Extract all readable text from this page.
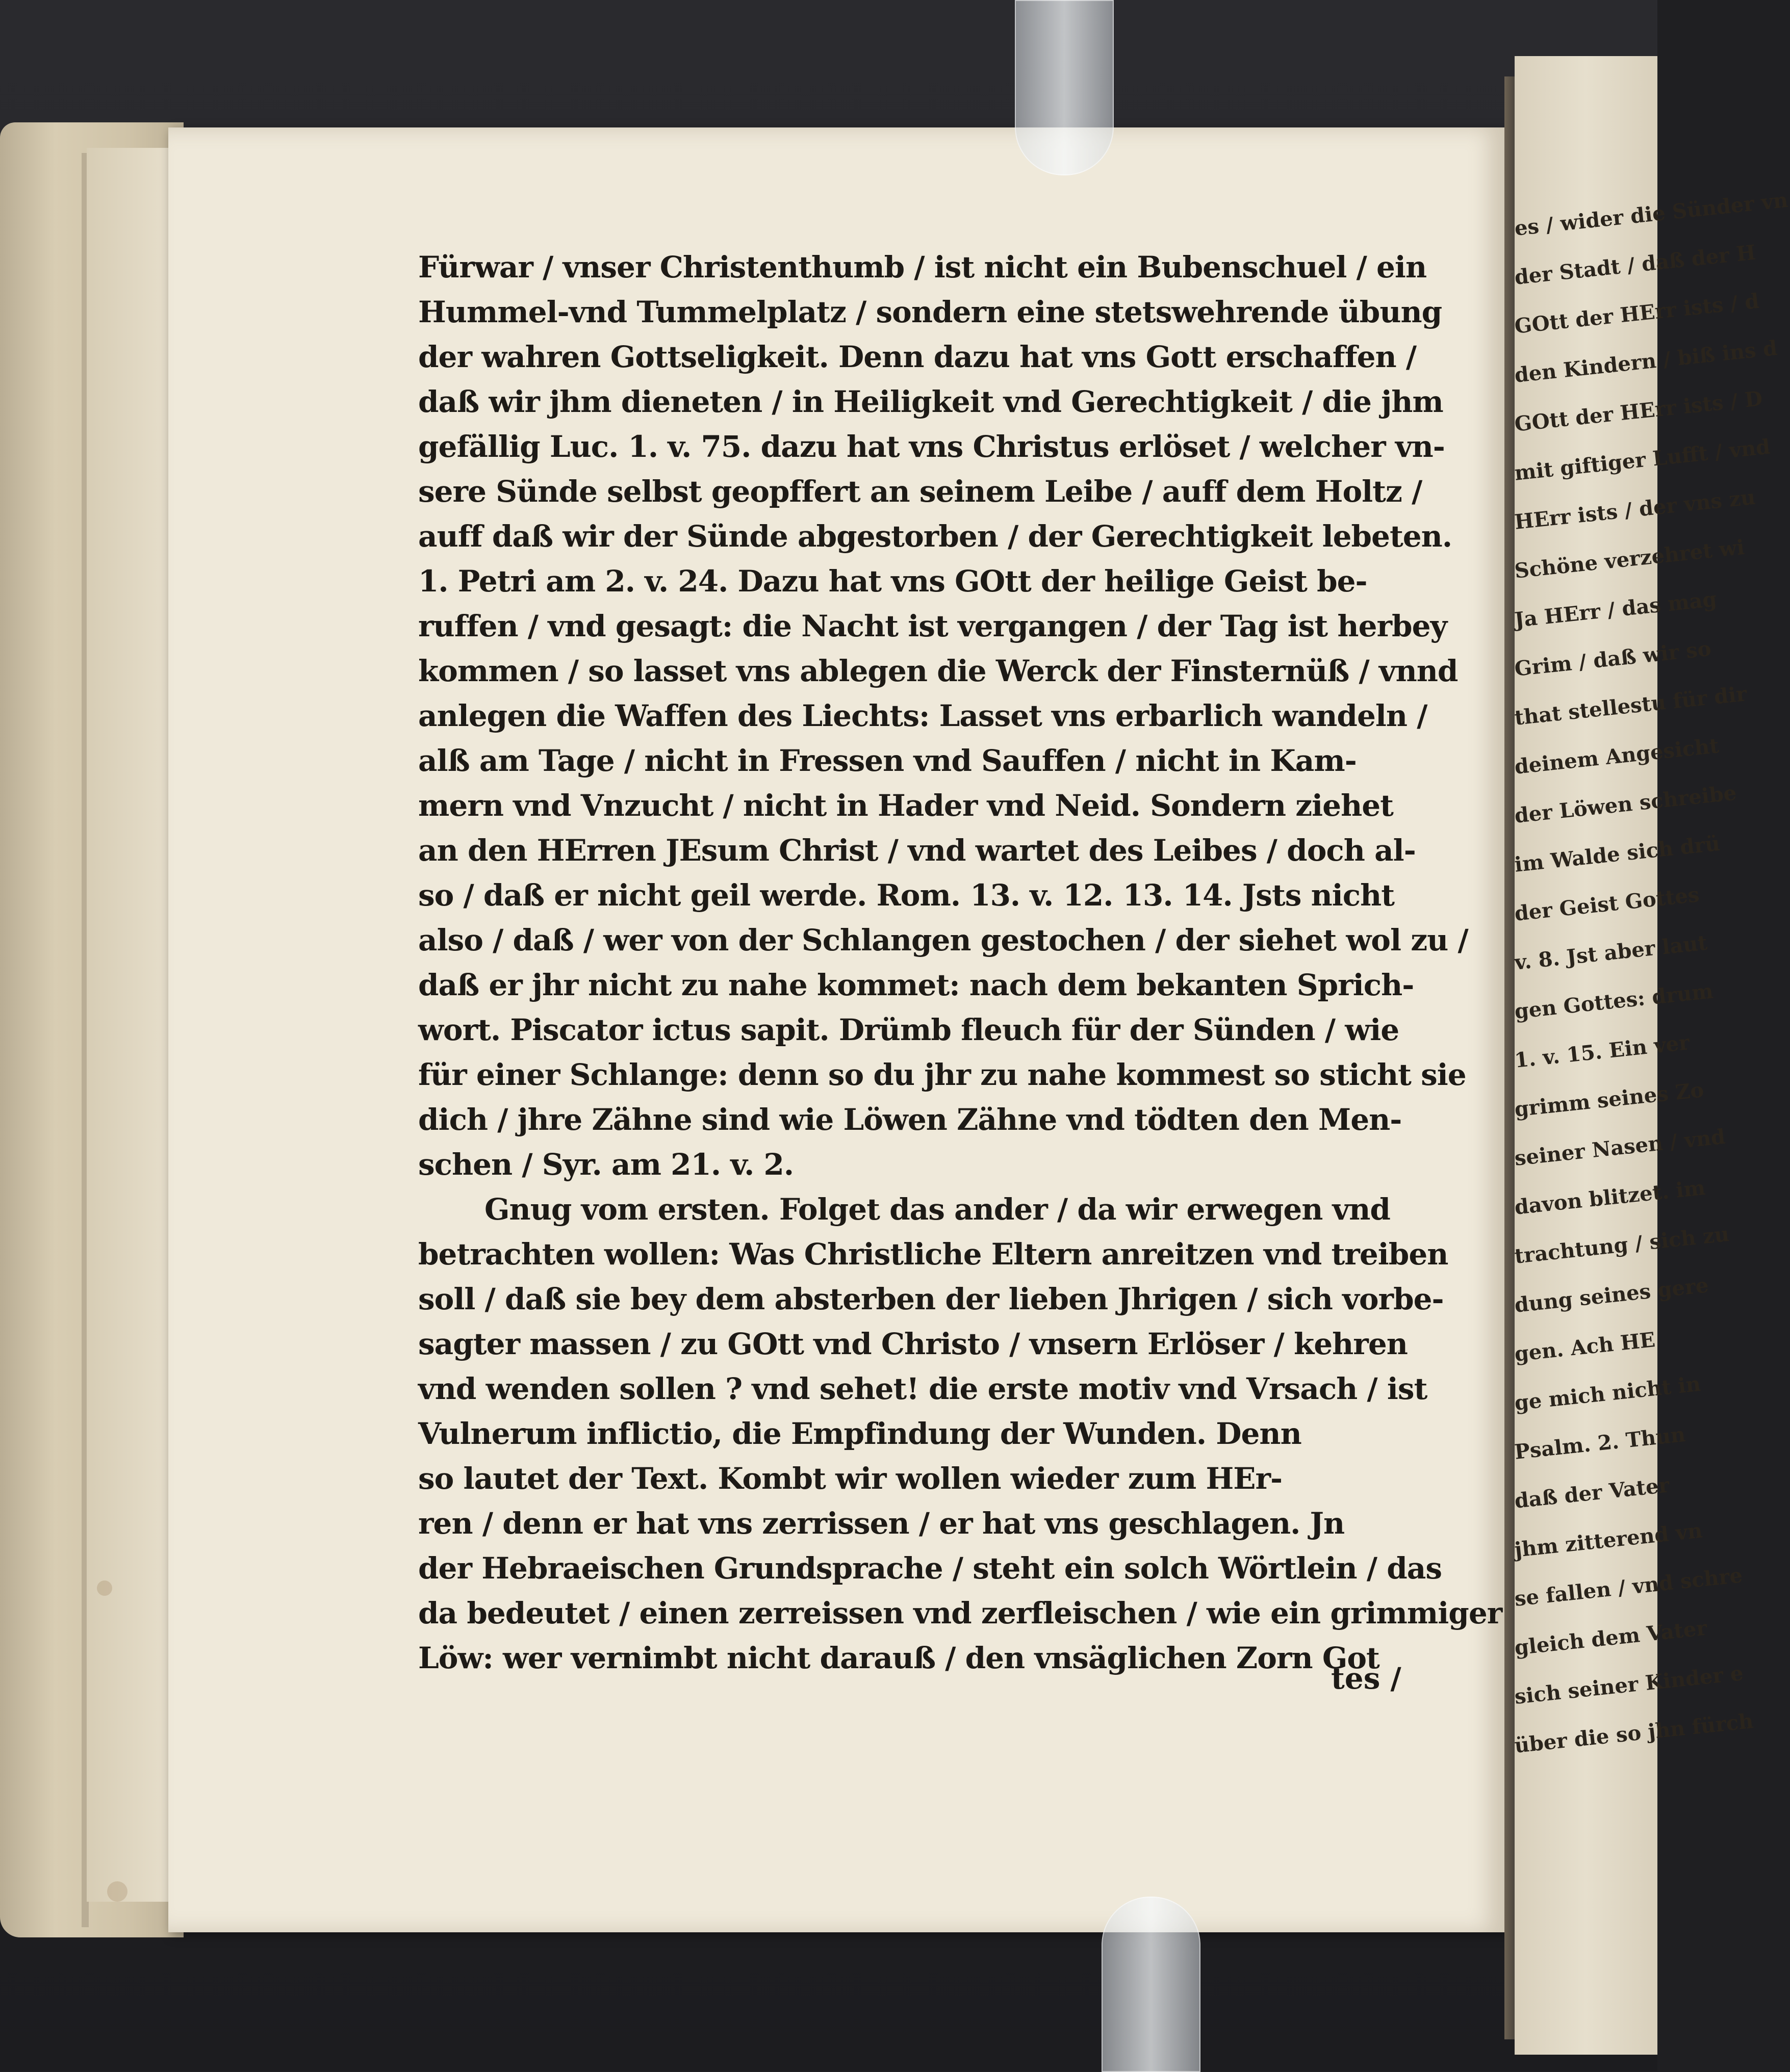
es / wider die Sünder vn
der Stadt / daß der H
GOtt der HErr ists / d
den Kindern / biß ins d
GOtt der HErr ists / D
mit giftiger Lufft / vnd
HErr ists / der vns zu
Schöne verzehret wi
Ja HErr / das mag
Grim / daß wir so
that stellestu für dir
deinem Angesicht
der Löwen schreibe
im Walde sich drü
der Geist Gottes
v. 8. Jst aber laut
gen Gottes: drum
1. v. 15. Ein ver
grimm seines Zo
seiner Nasen / vnd
davon blitzet. im
trachtung / sich zu
dung seines gere
gen. Ach HE
ge mich nicht in
Psalm. 2. Thun
daß der Vater
jhm zitterend vn
se fallen / vnd schre
gleich dem Vater
sich seiner Kinder e
über die so jhn fürch
Fürwar / vnser Christenthumb / ist nicht ein Bubenschuel / ein
Hummel-vnd Tummelplatz / sondern eine stetswehrende übung
der wahren Gottseligkeit. Denn dazu hat vns Gott erschaffen /
daß wir jhm dieneten / in Heiligkeit vnd Gerechtigkeit / die jhm
gefällig Luc. 1. v. 75. dazu hat vns Christus erlöset / welcher vn-
sere Sünde selbst geopffert an seinem Leibe / auff dem Holtz /
auff daß wir der Sünde abgestorben / der Gerechtigkeit lebeten.
1. Petri am 2. v. 24. Dazu hat vns GOtt der heilige Geist be-
ruffen / vnd gesagt: die Nacht ist vergangen / der Tag ist herbey
kommen / so lasset vns ablegen die Werck der Finsternüß / vnnd
anlegen die Waffen des Liechts: Lasset vns erbarlich wandeln /
alß am Tage / nicht in Fressen vnd Sauffen / nicht in Kam-
mern vnd Vnzucht / nicht in Hader vnd Neid. Sondern ziehet
an den HErren JEsum Christ / vnd wartet des Leibes / doch al-
so / daß er nicht geil werde. Rom. 13. v. 12. 13. 14. Jsts nicht
also / daß / wer von der Schlangen gestochen / der siehet wol zu /
daß er jhr nicht zu nahe kommet: nach dem bekanten Sprich-
wort. Piscator ictus sapit. Drümb fleuch für der Sünden / wie
für einer Schlange: denn so du jhr zu nahe kommest so sticht sie
dich / jhre Zähne sind wie Löwen Zähne vnd tödten den Men-
schen / Syr. am 21. v. 2.
Gnug vom ersten. Folget das ander / da wir erwegen vnd
betrachten wollen: Was Christliche Eltern anreitzen vnd treiben
soll / daß sie bey dem absterben der lieben Jhrigen / sich vorbe-
sagter massen / zu GOtt vnd Christo / vnsern Erlöser / kehren
vnd wenden sollen ? vnd sehet! die erste motiv vnd Vrsach / ist
Vulnerum inflictio, die Empfindung der Wunden. Denn
so lautet der Text. Kombt wir wollen wieder zum HEr-
ren / denn er hat vns zerrissen / er hat vns geschlagen. Jn
der Hebraeischen Grundsprache / steht ein solch Wörtlein / das
da bedeutet / einen zerreissen vnd zerfleischen / wie ein grimmiger
Löw: wer vernimbt nicht darauß / den vnsäglichen Zorn Got
tes /
